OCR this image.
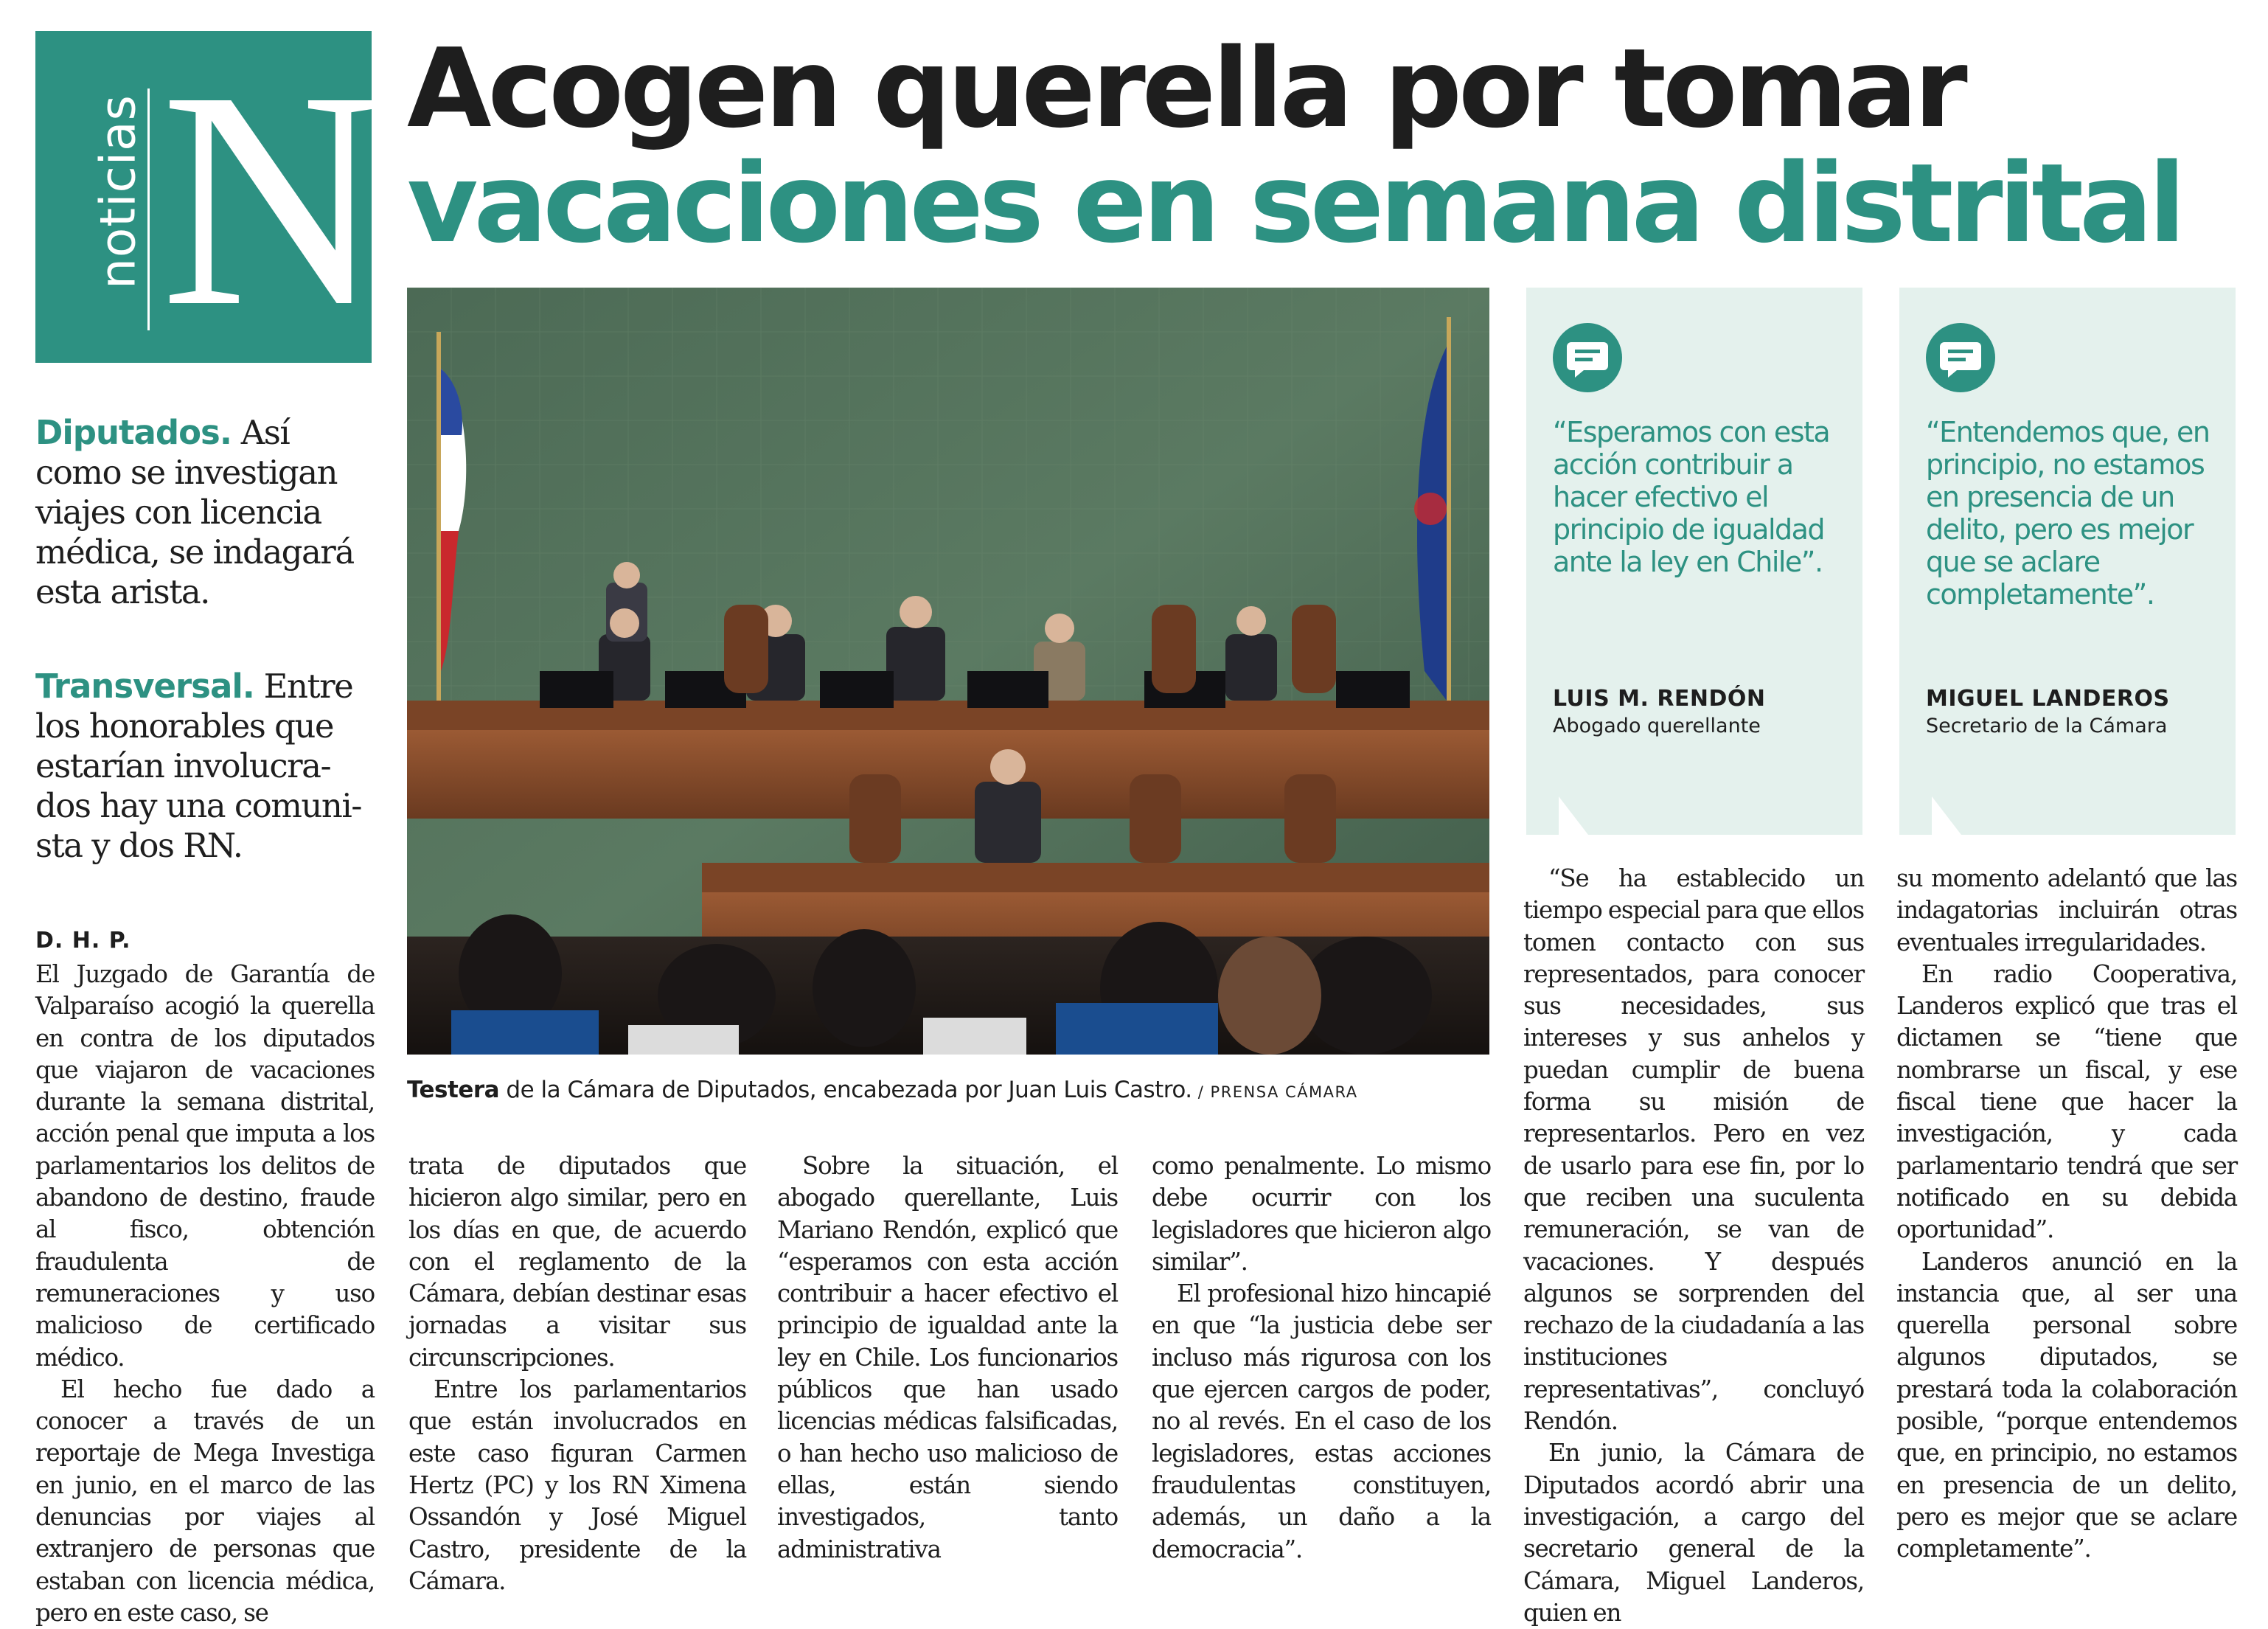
noticias N Acogen querella por tomar
vacaciones en semana distrital
Diputados. Así como se investigan viajes con licencia médica, se indagará esta arista.
Transversal. Entre los honorables que estarían involucra-dos hay una comuni-sta y dos RN.
D. H. P.
Testera de la Cámara de Diputados, encabezada por Juan Luis Castro. / PRENSA CÁMARA
“Esperamos con esta acción contribuir a hacer efectivo el principio de igualdad ante la ley en Chile”.
LUIS M. RENDÓN
Abogado querellante
“Entendemos que, en principio, no estamos en presencia de un delito, pero es mejor que se aclare completamente”.
MIGUEL LANDEROS
Secretario de la Cámara

El Juzgado de Garantía de Valparaíso acogió la querella en contra de los diputados que viajaron de vacaciones durante la semana distrital, acción penal que imputa a los parlamentarios los delitos de abandono de destino, fraude al fisco, obtención fraudulenta de remuneraciones y uso malicioso de certificado médico.

El hecho fue dado a conocer a través de un reportaje de Mega Investiga en junio, en el marco de las denuncias por viajes al extranjero de personas que estaban con licencia médica, pero en este caso, se

trata de diputados que hicieron algo similar, pero en los días en que, de acuerdo con el reglamento de la Cámara, debían destinar esas jornadas a visitar sus circunscripciones.

Entre los parlamentarios que están involucrados en este caso figuran Carmen Hertz (PC) y los RN Ximena Ossandón y José Miguel Castro, presidente de la Cámara.

Sobre la situación, el abogado querellante, Luis Mariano Rendón, explicó que “esperamos con esta acción contribuir a hacer efectivo el principio de igualdad ante la ley en Chile. Los funcionarios públicos que han usado licencias médicas falsificadas, o han hecho uso malicioso de ellas, están siendo investigados, tanto administrativa

como penalmente. Lo mismo debe ocurrir con los legisladores que hicieron algo similar”.

El profesional hizo hincapié en que “la justicia debe ser incluso más rigurosa con los que ejercen cargos de poder, no al revés. En el caso de los legisladores, estas acciones fraudulentas constituyen, además, un daño a la democracia”.

“Se ha establecido un tiempo especial para que ellos tomen contacto con sus representados, para conocer sus necesidades, sus intereses y sus anhelos y puedan cumplir de buena forma su misión de representarlos. Pero en vez de usarlo para ese fin, por lo que reciben una suculenta remuneración, se van de vacaciones. Y después algunos se sorprenden del rechazo de la ciudadanía a las instituciones representativas”, concluyó Rendón.

En junio, la Cámara de Diputados acordó abrir una investigación, a cargo del secretario general de la Cámara, Miguel Landeros, quien en

su momento adelantó que las indagatorias incluirán otras eventuales irregularidades.

En radio Cooperativa, Landeros explicó que tras el dictamen se “tiene que nombrarse un fiscal, y ese fiscal tiene que hacer la investigación, y cada parlamentario tendrá que ser notificado en su debida oportunidad”.

Landeros anunció en la instancia que, al ser una querella personal sobre algunos diputados, se prestará toda la colaboración posible, “porque entendemos que, en principio, no estamos en presencia de un delito, pero es mejor que se aclare completamente”.
